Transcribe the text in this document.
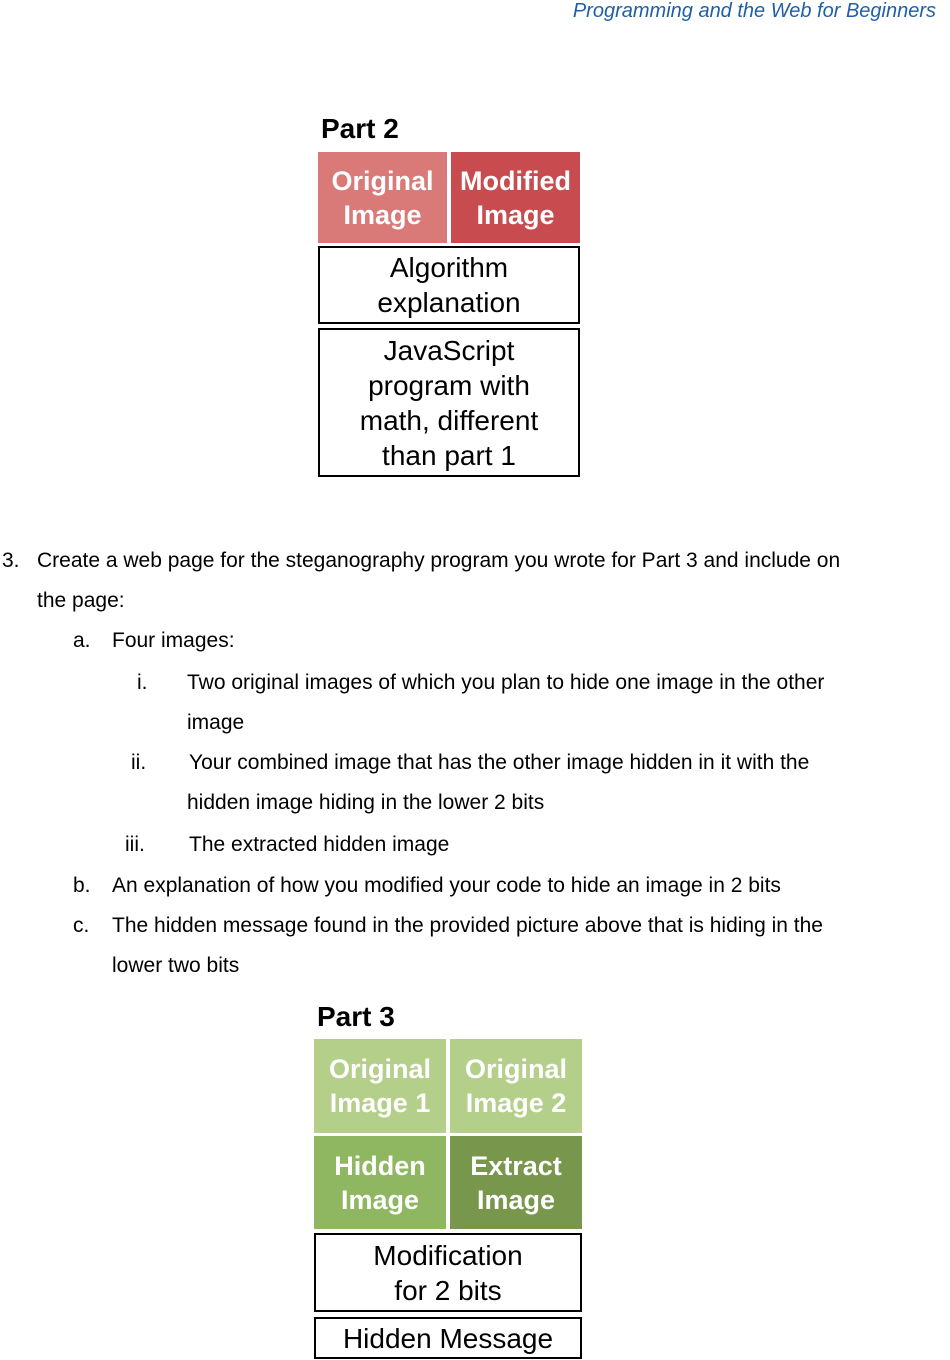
Programming and the Web for Beginners
Part 2
Original
Image
Modified
Image
Algorithm
explanation
JavaScript
program with
math, different
than part 1
3. Create a web page for the steganography program you wrote for Part 3 and include on
the page:
a. Four images:
i. Two original images of which you plan to hide one image in the other
image
ii. Your combined image that has the other image hidden in it with the
hidden image hiding in the lower 2 bits
iii. The extracted hidden image
b. An explanation of how you modified your code to hide an image in 2 bits
c. The hidden message found in the provided picture above that is hiding in the
lower two bits
Part 3
Original
Image 1
Original
Image 2
Hidden
Image
Extract
Image
Modification
for 2 bits
Hidden Message
